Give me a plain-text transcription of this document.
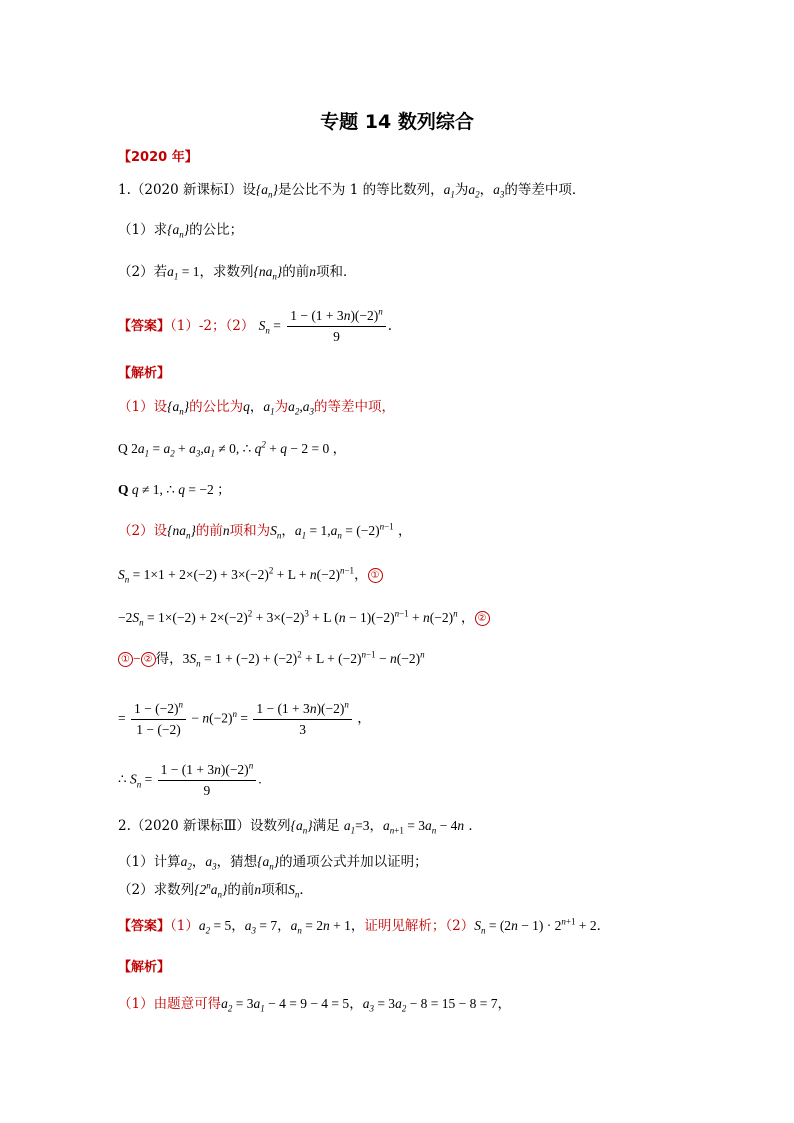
专题 14 数列综合
【2020 年】
1.（2020 新课标Ⅰ）设$\{a_n\}$是公比不为 1 的等比数列，$a_1$为$a_2$，$a_3$的等差中项．
（1）求$\{a_n\}$的公比；
（2）若$a_1 = 1$，求数列$\{na_n\}$的前n项和．
【答案】（1）-2；（2） $S_n = \frac{1 - (1 + 3n)(-2)^n}{9}$ .
【解析】
（1）设$\{a_n\}$的公比为q，$a_1$为$a_2,a_3$的等差中项，
Q $2a_1 = a_2 + a_3,a_1 \ne 0$, ∴ $q^2 + q - 2 = 0$ ，
Q q ≠ 1, ∴ q = −2 ；
（2）设$\{na_n\}$的前n项和为$S_n$，$a_1 = 1,a_n = (-2)^{n-1}$ ，
$S_n = 1\times 1 + 2\times(-2) + 3\times(-2)^2 + L + n(-2)^{n-1}$， ①
$-2S_n = 1\times(-2) + 2\times(-2)^2 + 3\times(-2)^3 + L$ $(n - 1)(-2)^{n-1} + n(-2)^n$ ， ②
① − ② 得，$3S_n = 1 + (-2) + (-2)^2 + L + (-2)^{n-1} - n(-2)^n$
= $\frac{1 - (-2)^n}{1 - (-2)} - n(-2)^n = \frac{1 - (1 + 3n)(-2)^n}{3}$ ，
∴ $S_n = \frac{1 - (1 + 3n)(-2)^n}{9}$ .
2.（2020 新课标Ⅲ）设数列$\{a_n\}$满足 $a_1=3$，$a_{n+1} = 3a_n - 4n$ ．
（1）计算$a_2$，$a_3$，猜想$\{a_n\}$的通项公式并加以证明；
（2）求数列$\{2^na_n\}$的前n项和$S_n$．
【答案】$(1)a_2 = 5$，$a_3 = 7$，$a_n = 2n + 1$，证明见解析；$(2)S_n = (2n - 1) \cdot 2^{n+1} + 2$．
【解析】
（1）由题意可得$a_2 = 3a_1 - 4 = 9 - 4 = 5$，$a_3 = 3a_2 - 8 = 15 - 8 = 7$，
